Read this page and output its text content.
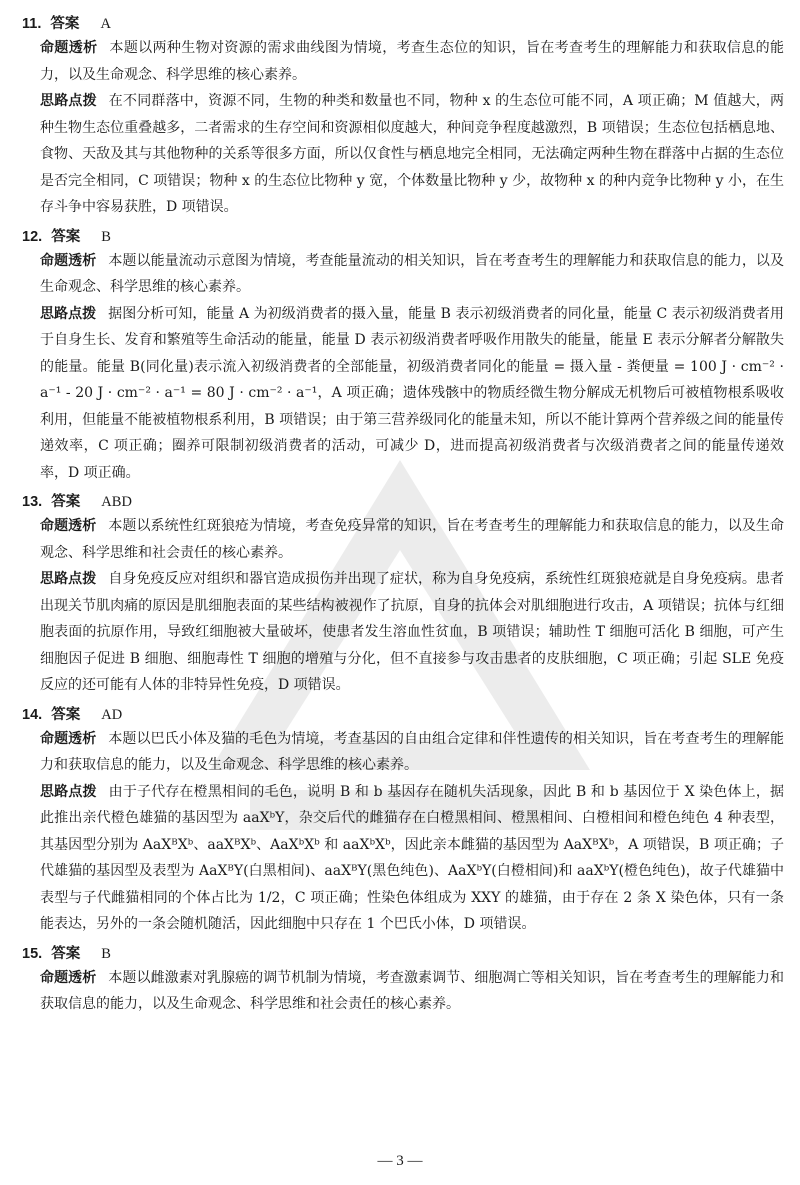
11. 答案 A

命题透析 本题以两种生物对资源的需求曲线图为情境，考查生态位的知识，旨在考查考生的理解能力和获取信息的能力，以及生命观念、科学思维的核心素养。

思路点拨 在不同群落中，资源不同，生物的种类和数量也不同，物种 x 的生态位可能不同，A 项正确；M 值越大，两种生物生态位重叠越多，二者需求的生存空间和资源相似度越大，种间竞争程度越激烈，B 项错误；生态位包括栖息地、食物、天敌及其与其他物种的关系等很多方面，所以仅食性与栖息地完全相同，无法确定两种生物在群落中占据的生态位是否完全相同，C 项错误；物种 x 的生态位比物种 y 宽，个体数量比物种 y 少，故物种 x 的种内竞争比物种 y 小，在生存斗争中容易获胜，D 项错误。

12. 答案 B

命题透析 本题以能量流动示意图为情境，考查能量流动的相关知识，旨在考查考生的理解能力和获取信息的能力，以及生命观念、科学思维的核心素养。

思路点拨 据图分析可知，能量 A 为初级消费者的摄入量，能量 B 表示初级消费者的同化量，能量 C 表示初级消费者用于自身生长、发育和繁殖等生命活动的能量，能量 D 表示初级消费者呼吸作用散失的能量，能量 E 表示分解者分解散失的能量。能量 B(同化量)表示流入初级消费者的全部能量，初级消费者同化的能量 = 摄入量 - 粪便量 = 100 J · cm⁻² · a⁻¹ - 20 J · cm⁻² · a⁻¹ = 80 J · cm⁻² · a⁻¹，A 项正确；遗体残骸中的物质经微生物分解成无机物后可被植物根系吸收利用，但能量不能被植物根系利用，B 项错误；由于第三营养级同化的能量未知，所以不能计算两个营养级之间的能量传递效率，C 项正确；圈养可限制初级消费者的活动，可减少 D，进而提高初级消费者与次级消费者之间的能量传递效率，D 项正确。

13. 答案 ABD

命题透析 本题以系统性红斑狼疮为情境，考查免疫异常的知识，旨在考查考生的理解能力和获取信息的能力，以及生命观念、科学思维和社会责任的核心素养。

思路点拨 自身免疫反应对组织和器官造成损伤并出现了症状，称为自身免疫病，系统性红斑狼疮就是自身免疫病。患者出现关节肌肉痛的原因是肌细胞表面的某些结构被视作了抗原，自身的抗体会对肌细胞进行攻击，A 项错误；抗体与红细胞表面的抗原作用，导致红细胞被大量破坏，使患者发生溶血性贫血，B 项错误；辅助性 T 细胞可活化 B 细胞，可产生细胞因子促进 B 细胞、细胞毒性 T 细胞的增殖与分化，但不直接参与攻击患者的皮肤细胞，C 项正确；引起 SLE 免疫反应的还可能有人体的非特异性免疫，D 项错误。

14. 答案 AD

命题透析 本题以巴氏小体及猫的毛色为情境，考查基因的自由组合定律和伴性遗传的相关知识，旨在考查考生的理解能力和获取信息的能力，以及生命观念、科学思维的核心素养。

思路点拨 由于子代存在橙黑相间的毛色，说明 B 和 b 基因存在随机失活现象，因此 B 和 b 基因位于 X 染色体上，据此推出亲代橙色雄猫的基因型为 aaXᵇY，杂交后代的雌猫存在白橙黑相间、橙黑相间、白橙相间和橙色纯色 4 种表型，其基因型分别为 AaXᴮXᵇ、aaXᴮXᵇ、AaXᵇXᵇ 和 aaXᵇXᵇ，因此亲本雌猫的基因型为 AaXᴮXᵇ，A 项错误，B 项正确；子代雄猫的基因型及表型为 AaXᴮY(白黑相间)、aaXᴮY(黑色纯色)、AaXᵇY(白橙相间)和 aaXᵇY(橙色纯色)，故子代雄猫中表型与子代雌猫相同的个体占比为 1/2，C 项正确；性染色体组成为 XXY 的雄猫，由于存在 2 条 X 染色体，只有一条能表达，另外的一条会随机随活，因此细胞中只存在 1 个巴氏小体，D 项错误。

15. 答案 B

命题透析 本题以雌激素对乳腺癌的调节机制为情境，考查激素调节、细胞凋亡等相关知识，旨在考查考生的理解能力和获取信息的能力，以及生命观念、科学思维和社会责任的核心素养。

— 3 —
